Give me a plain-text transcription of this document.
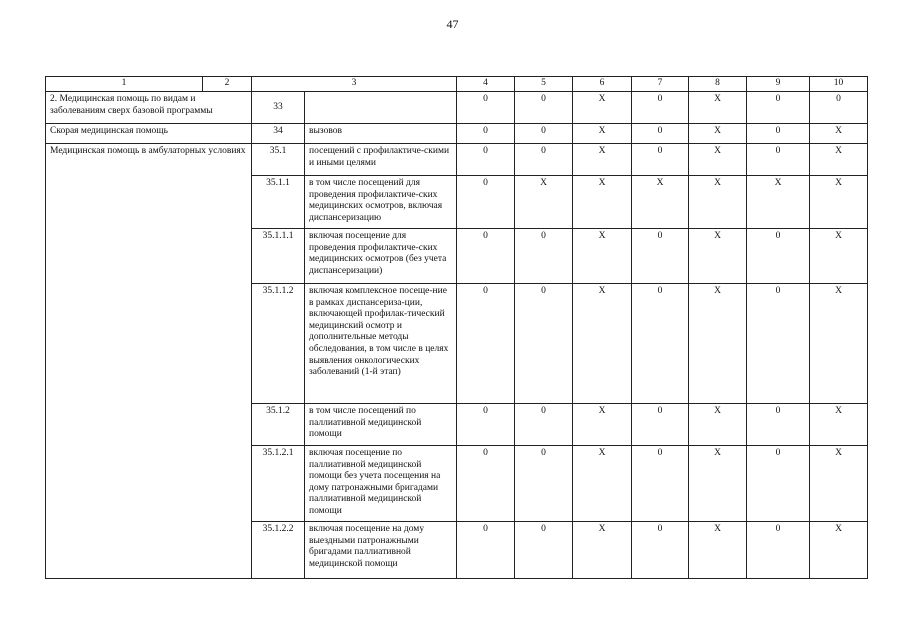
47
1	2	3		4	5	6	7	8	9	10
2. Медицинская помощь по видам и заболеваниям сверх базовой программы		33		0	0	Х	0	Х	0	0
Скорая медицинская помощь		34	вызовов	0	0	Х	0	Х	0	Х
Медицинская помощь в амбулаторных условиях		35.1	посещений с профилактиче-скими и иными целями	0	0	Х	0	Х	0	Х
		35.1.1	в том числе посещений для проведения профилактиче-ских медицинских осмотров, включая диспансеризацию	0	Х	Х	Х	Х	Х	Х
		35.1.1.1	включая посещение для проведения профилактиче-ских медицинских осмотров (без учета диспансеризации)	0	0	Х	0	Х	0	Х
		35.1.1.2	включая комплексное посеще-ние в рамках диспансериза-ции, включающей профилак-тический медицинский осмотр и дополнительные методы обследования, в том числе в целях выявления онкологических заболеваний (1-й этап)	0	0	Х	0	Х	0	Х
		35.1.2	в том числе посещений по паллиативной медицинской помощи	0	0	Х	0	Х	0	Х
		35.1.2.1	включая посещение по паллиативной медицинской помощи без учета посещения на дому патронажными бригадами паллиативной медицинской помощи	0	0	Х	0	Х	0	Х
		35.1.2.2	включая посещение на дому выездными патронажными бригадами паллиативной медицинской помощи	0	0	Х	0	Х	0	Х
